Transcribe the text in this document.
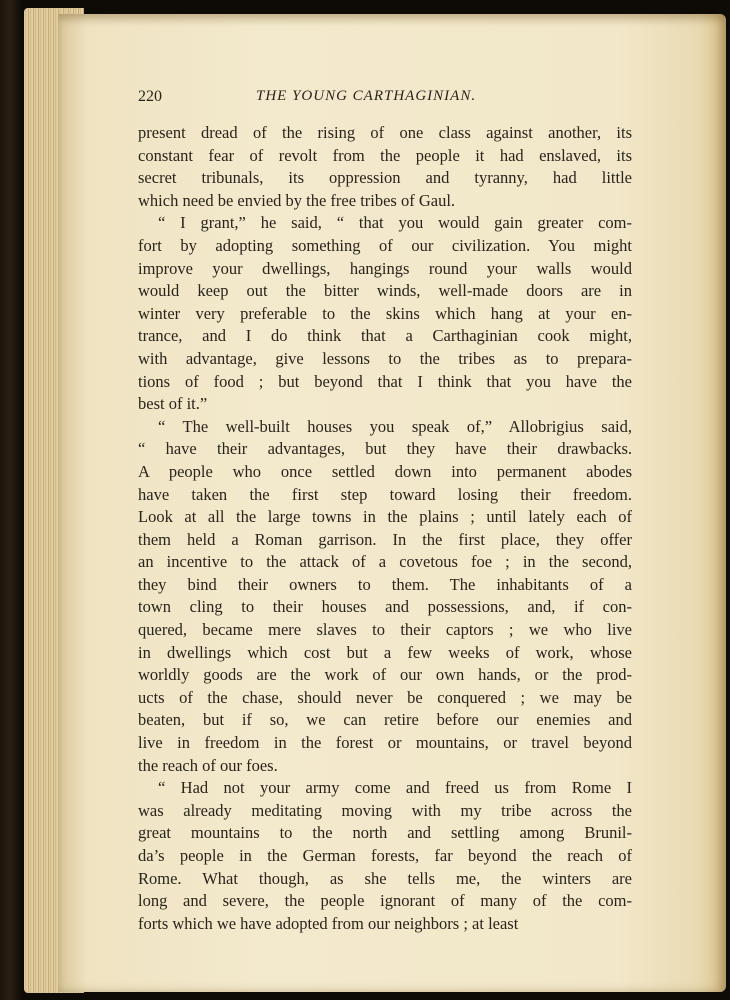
220	THE YOUNG CARTHAGINIAN.

present dread of the rising of one class against another, its
constant fear of revolt from the people it had enslaved, its
secret tribunals, its oppression and tyranny, had little
which need be envied by the free tribes of Gaul.

“ I grant,” he said, “ that you would gain greater com-
fort by adopting something of our civilization. You might
improve your dwellings, hangings round your walls would
would keep out the bitter winds, well-made doors are in
winter very preferable to the skins which hang at your en-
trance, and I do think that a Carthaginian cook might,
with advantage, give lessons to the tribes as to prepara-
tions of food ; but beyond that I think that you have the
best of it.”

“ The well-built houses you speak of,” Allobrigius said,
“ have their advantages, but they have their drawbacks.
A people who once settled down into permanent abodes
have taken the first step toward losing their freedom.
Look at all the large towns in the plains ; until lately each of
them held a Roman garrison. In the first place, they offer
an incentive to the attack of a covetous foe ; in the second,
they bind their owners to them. The inhabitants of a
town cling to their houses and possessions, and, if con-
quered, became mere slaves to their captors ; we who live
in dwellings which cost but a few weeks of work, whose
worldly goods are the work of our own hands, or the prod-
ucts of the chase, should never be conquered ; we may be
beaten, but if so, we can retire before our enemies and
live in freedom in the forest or mountains, or travel beyond
the reach of our foes.

“ Had not your army come and freed us from Rome I
was already meditating moving with my tribe across the
great mountains to the north and settling among Brunil-
da’s people in the German forests, far beyond the reach of
Rome. What though, as she tells me, the winters are
long and severe, the people ignorant of many of the com-
forts which we have adopted from our neighbors ; at least
